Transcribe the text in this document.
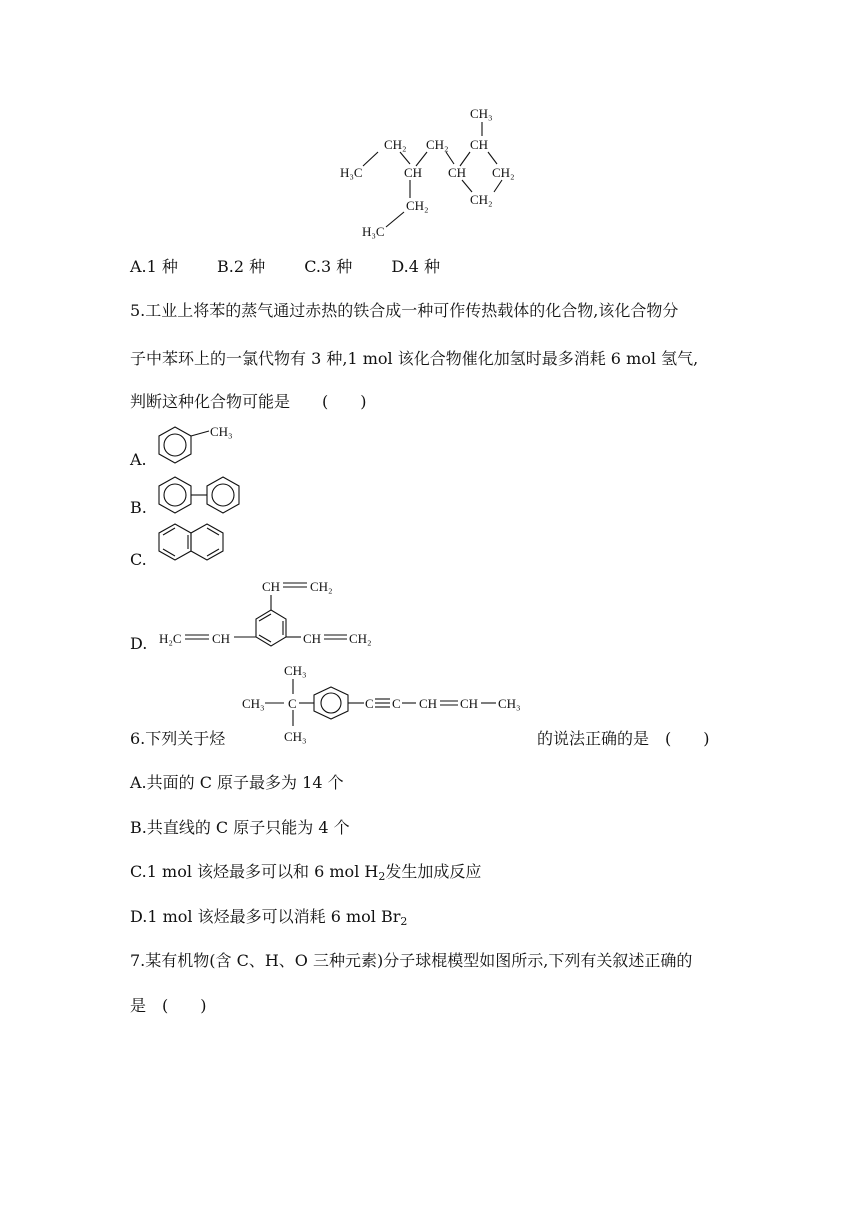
CH₃
CH₂ CH₂ CH
H₃C	CH CH CH₂
CH₂
CH₂
H₃C
A.1 种 B.2 种 C.3 种 D.4 种
5.工业上将苯的蒸气通过赤热的铁合成一种可作传热载体的化合物,该化合物分
子中苯环上的一氯代物有 3 种,1 mol 该化合物催化加氢时最多消耗 6 mol 氢气,
判断这种化合物可能是　　(　　)
A.
CH₃
B.
C.
D.
CH CH₂
H₂C CH	CH CH₂
6.下列关于烃
CH₃
CH₃ C
CH₃
C C CH CH CH₃
的说法正确的是　(　　)
A.共面的 C 原子最多为 14 个
B.共直线的 C 原子只能为 4 个
C.1 mol 该烃最多可以和 6 mol $H_2$发生加成反应
D.1 mol 该烃最多可以消耗 6 mol $Br_2$
7.某有机物(含 C、H、O 三种元素)分子球棍模型如图所示,下列有关叙述正确的
是　(　　)
